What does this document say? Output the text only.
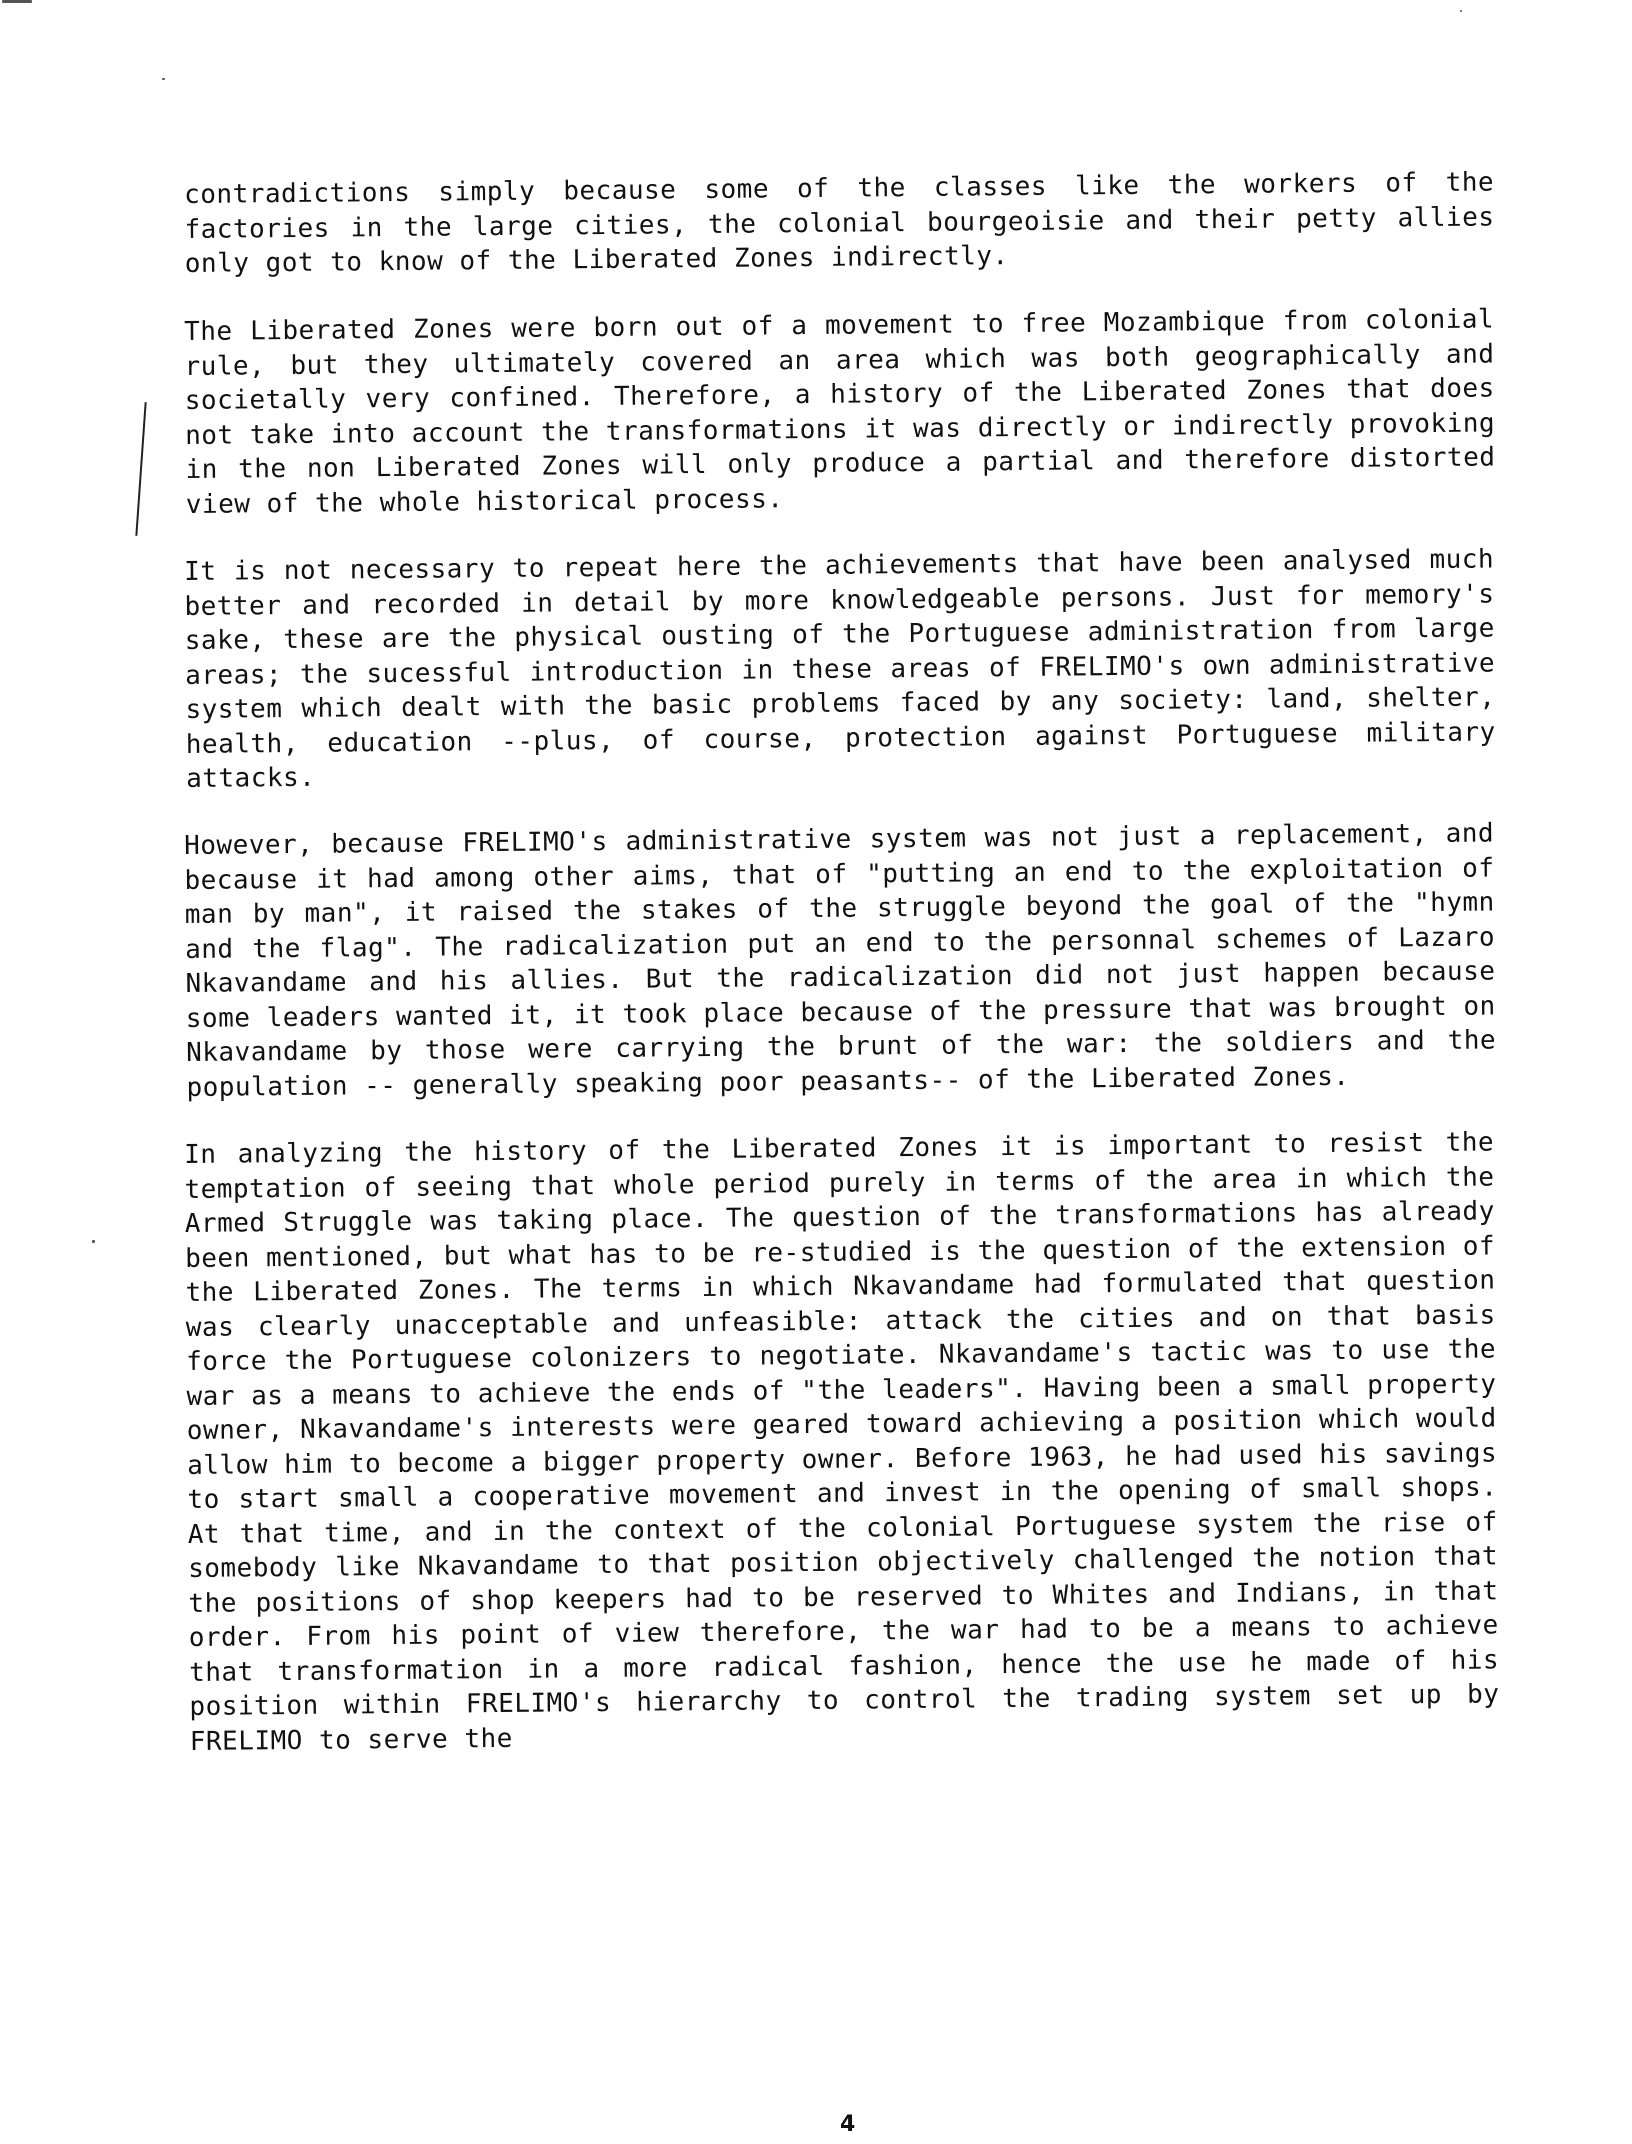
contradictions simply because some of the classes like the workers of the factories in the large cities, the colonial bourgeoisie and their petty allies only got to know of the Liberated Zones indirectly.

The Liberated Zones were born out of a movement to free Mozambique from colonial rule, but they ultimately covered an area which was both geographically and societally very confined. Therefore, a history of the Liberated Zones that does not take into account the transformations it was directly or indirectly provoking in the non Liberated Zones will only produce a partial and therefore distorted view of the whole historical process.

It is not necessary to repeat here the achievements that have been analysed much better and recorded in detail by more knowledgeable persons. Just for memory's sake, these are the physical ousting of the Portuguese administration from large areas; the sucessful introduction in these areas of FRELIMO's own administrative system which dealt with the basic problems faced by any society: land, shelter, health, education --plus, of course, protection against Portuguese military attacks.

However, because FRELIMO's administrative system was not just a replacement, and because it had among other aims, that of "putting an end to the exploitation of man by man", it raised the stakes of the struggle beyond the goal of the "hymn and the flag". The radicalization put an end to the personnal schemes of Lazaro Nkavandame and his allies. But the radicalization did not just happen because some leaders wanted it, it took place because of the pressure that was brought on Nkavandame by those were carrying the brunt of the war: the soldiers and the population -- generally speaking poor peasants-- of the Liberated Zones.

In analyzing the history of the Liberated Zones it is important to resist the temptation of seeing that whole period purely in terms of the area in which the Armed Struggle was taking place. The question of the transformations has already been mentioned, but what has to be re-studied is the question of the extension of the Liberated Zones. The terms in which Nkavandame had formulated that question was clearly unacceptable and unfeasible: attack the cities and on that basis force the Portuguese colonizers to negotiate. Nkavandame's tactic was to use the war as a means to achieve the ends of "the leaders". Having been a small property owner, Nkavandame's interests were geared toward achieving a position which would allow him to become a bigger property owner. Before 1963, he had used his savings to start small a cooperative movement and invest in the opening of small shops. At that time, and in the context of the colonial Portuguese system the rise of somebody like Nkavandame to that position objectively challenged the notion that the positions of shop keepers had to be reserved to Whites and Indians, in that order. From his point of view therefore, the war had to be a means to achieve that transformation in a more radical fashion, hence the use he made of his position within FRELIMO's hierarchy to control the trading system set up by FRELIMO to serve the

4
